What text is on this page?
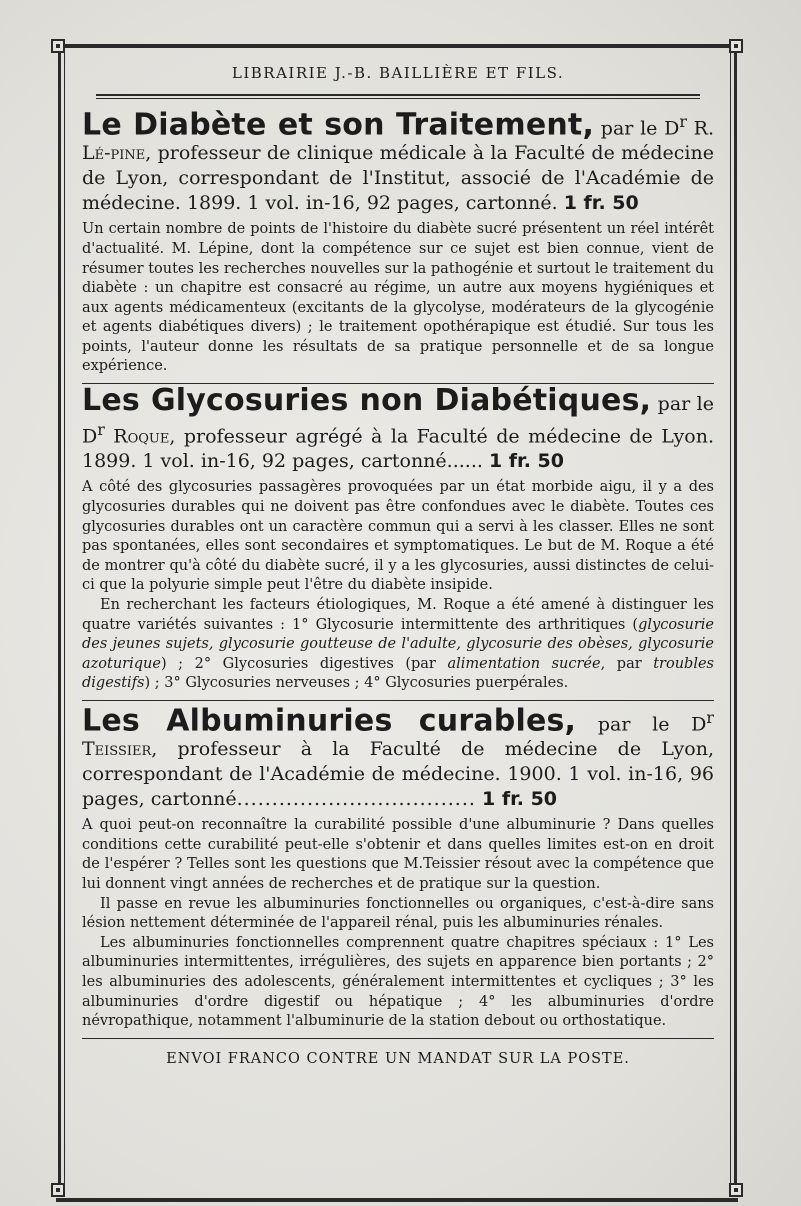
LIBRAIRIE J.-B. BAILLIÈRE ET FILS.
Le Diabète et son Traitement, par le $D^r$ R. Lé-pine, professeur de clinique médicale à la Faculté de médecine de Lyon, correspondant de l'Institut, associé de l'Académie de médecine. 1899. 1 vol. in-16, 92 pages, cartonné. 1 fr. 50

Un certain nombre de points de l'histoire du diabète sucré présentent un réel intérêt d'actualité. M. Lépine, dont la compétence sur ce sujet est bien connue, vient de résumer toutes les recherches nouvelles sur la pathogénie et surtout le traitement du diabète : un chapitre est consacré au régime, un autre aux moyens hygiéniques et aux agents médicamenteux (excitants de la glycolyse, modérateurs de la glycogénie et agents diabétiques divers) ; le traitement opothérapique est étudié. Sur tous les points, l'auteur donne les résultats de sa pratique personnelle et de sa longue expérience.

Les Glycosuries non Diabétiques, par le $D^r$ Roque, professeur agrégé à la Faculté de médecine de Lyon. 1899. 1 vol. in-16, 92 pages, cartonné...... 1 fr. 50

A côté des glycosuries passagères provoquées par un état morbide aigu, il y a des glycosuries durables qui ne doivent pas être confondues avec le diabète. Toutes ces glycosuries durables ont un caractère commun qui a servi à les classer. Elles ne sont pas spontanées, elles sont secondaires et symptomatiques. Le but de M. Roque a été de montrer qu'à côté du diabète sucré, il y a les glycosuries, aussi distinctes de celui-ci que la polyurie simple peut l'être du diabète insipide.

En recherchant les facteurs étiologiques, M. Roque a été amené à distinguer les quatre variétés suivantes : 1° Glycosurie intermittente des arthritiques (glycosurie des jeunes sujets, glycosurie goutteuse de l'adulte, glycosurie des obèses, glycosurie azoturique) ; 2° Glycosuries digestives (par alimentation sucrée, par troubles digestifs) ; 3° Glycosuries nerveuses ; 4° Glycosuries puerpérales.

Les Albuminuries curables, par le $D^r$ Teissier, professeur à la Faculté de médecine de Lyon, correspondant de l'Académie de médecine. 1900. 1 vol. in-16, 96 pages, cartonné.................................. 1 fr. 50

A quoi peut-on reconnaître la curabilité possible d'une albuminurie ? Dans quelles conditions cette curabilité peut-elle s'obtenir et dans quelles limites est-on en droit de l'espérer ? Telles sont les questions que M.Teissier résout avec la compétence que lui donnent vingt années de recherches et de pratique sur la question.

Il passe en revue les albuminuries fonctionnelles ou organiques, c'est-à-dire sans lésion nettement déterminée de l'appareil rénal, puis les albuminuries rénales.

Les albuminuries fonctionnelles comprennent quatre chapitres spéciaux : 1° Les albuminuries intermittentes, irrégulières, des sujets en apparence bien portants ; 2° les albuminuries des adolescents, généralement intermittentes et cycliques ; 3° les albuminuries d'ordre digestif ou hépatique ; 4° les albuminuries d'ordre névropathique, notamment l'albuminurie de la station debout ou orthostatique.

ENVOI FRANCO CONTRE UN MANDAT SUR LA POSTE.
